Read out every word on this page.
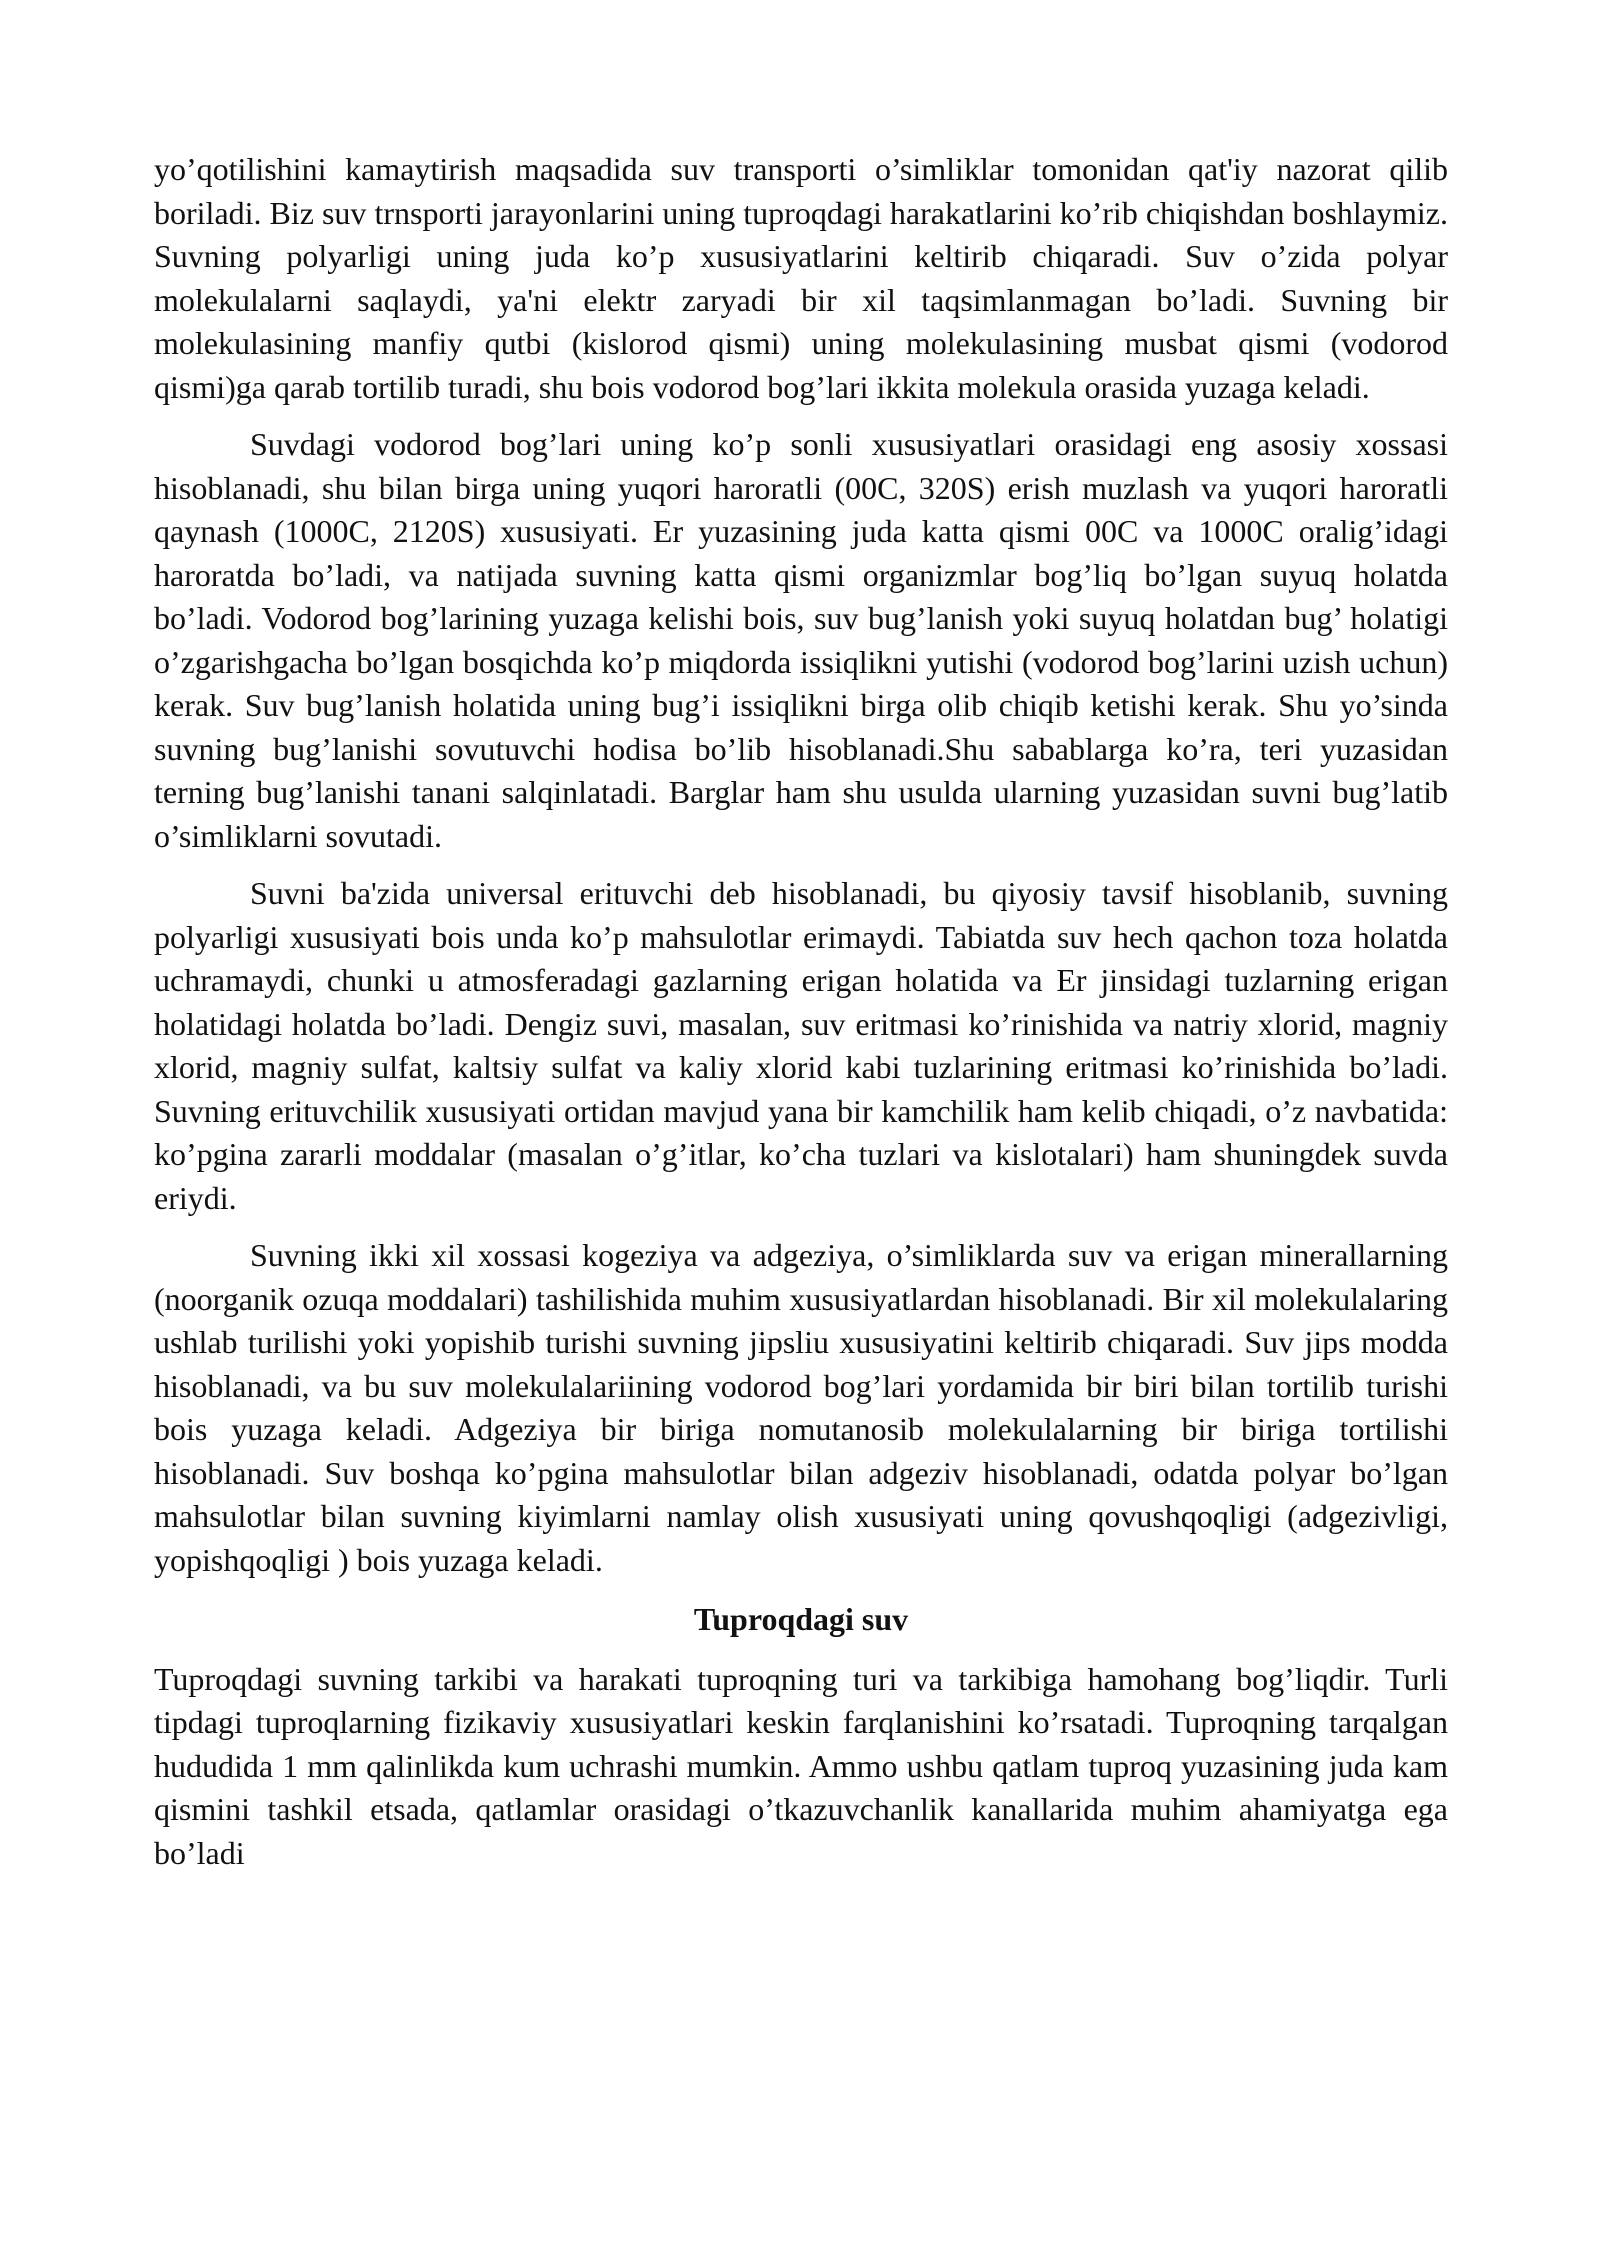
yo’qotilishini kamaytirish maqsadida suv transporti o’simliklar tomonidan qat'iy nazorat qilib boriladi. Biz suv trnsporti jarayonlarini uning tuproqdagi harakatlarini ko’rib chiqishdan boshlaymiz. Suvning polyarligi uning juda ko’p xususiyatlarini keltirib chiqaradi. Suv o’zida polyar molekulalarni saqlaydi, ya'ni elektr zaryadi bir xil taqsimlanmagan bo’ladi. Suvning bir molekulasining manfiy qutbi (kislorod qismi) uning molekulasining musbat qismi (vodorod qismi)ga qarab tortilib turadi, shu bois vodorod bog’lari ikkita molekula orasida yuzaga keladi.

Suvdagi vodorod bog’lari uning ko’p sonli xususiyatlari orasidagi eng asosiy xossasi hisoblanadi, shu bilan birga uning yuqori haroratli (00C, 320S) erish muzlash va yuqori haroratli qaynash (1000C, 2120S) xususiyati. Er yuzasining juda katta qismi 00C va 1000C oralig’idagi haroratda bo’ladi, va natijada suvning katta qismi organizmlar bog’liq bo’lgan suyuq holatda bo’ladi. Vodorod bog’larining yuzaga kelishi bois, suv bug’lanish yoki suyuq holatdan bug’ holatigi o’zgarishgacha bo’lgan bosqichda ko’p miqdorda issiqlikni yutishi (vodorod bog’larini uzish uchun) kerak. Suv bug’lanish holatida uning bug’i issiqlikni birga olib chiqib ketishi kerak. Shu yo’sinda suvning bug’lanishi sovutuvchi hodisa bo’lib hisoblanadi.Shu sabablarga ko’ra, teri yuzasidan terning bug’lanishi tanani salqinlatadi. Barglar ham shu usulda ularning yuzasidan suvni bug’latib o’simliklarni sovutadi.

Suvni ba'zida universal erituvchi deb hisoblanadi, bu qiyosiy tavsif hisoblanib, suvning polyarligi xususiyati bois unda ko’p mahsulotlar erimaydi. Tabiatda suv hech qachon toza holatda uchramaydi, chunki u atmosferadagi gazlarning erigan holatida va Er jinsidagi tuzlarning erigan holatidagi holatda bo’ladi. Dengiz suvi, masalan, suv eritmasi ko’rinishida va natriy xlorid, magniy xlorid, magniy sulfat, kaltsiy sulfat va kaliy xlorid kabi tuzlarining eritmasi ko’rinishida bo’ladi. Suvning erituvchilik xususiyati ortidan mavjud yana bir kamchilik ham kelib chiqadi, o’z navbatida: ko’pgina zararli moddalar (masalan o’g’itlar, ko’cha tuzlari va kislotalari) ham shuningdek suvda eriydi.

Suvning ikki xil xossasi kogeziya va adgeziya, o’simliklarda suv va erigan minerallarning (noorganik ozuqa moddalari) tashilishida muhim xususiyatlardan hisoblanadi. Bir xil molekulalaring ushlab turilishi yoki yopishib turishi suvning jipsliu xususiyatini keltirib chiqaradi. Suv jips modda hisoblanadi, va bu suv molekulalariining vodorod bog’lari yordamida bir biri bilan tortilib turishi bois yuzaga keladi. Adgeziya bir biriga nomutanosib molekulalarning bir biriga tortilishi hisoblanadi. Suv boshqa ko’pgina mahsulotlar bilan adgeziv hisoblanadi, odatda polyar bo’lgan mahsulotlar bilan suvning kiyimlarni namlay olish xususiyati uning qovushqoqligi (adgezivligi, yopishqoqligi ) bois yuzaga keladi.

Tuproqdagi suv

Tuproqdagi suvning tarkibi va harakati tuproqning turi va tarkibiga hamohang bog’liqdir. Turli tipdagi tuproqlarning fizikaviy xususiyatlari keskin farqlanishini ko’rsatadi. Tuproqning tarqalgan hududida 1 mm qalinlikda kum uchrashi mumkin. Ammo ushbu qatlam tuproq yuzasining juda kam qismini tashkil etsada, qatlamlar orasidagi o’tkazuvchanlik kanallarida muhim ahamiyatga ega bo’ladi
